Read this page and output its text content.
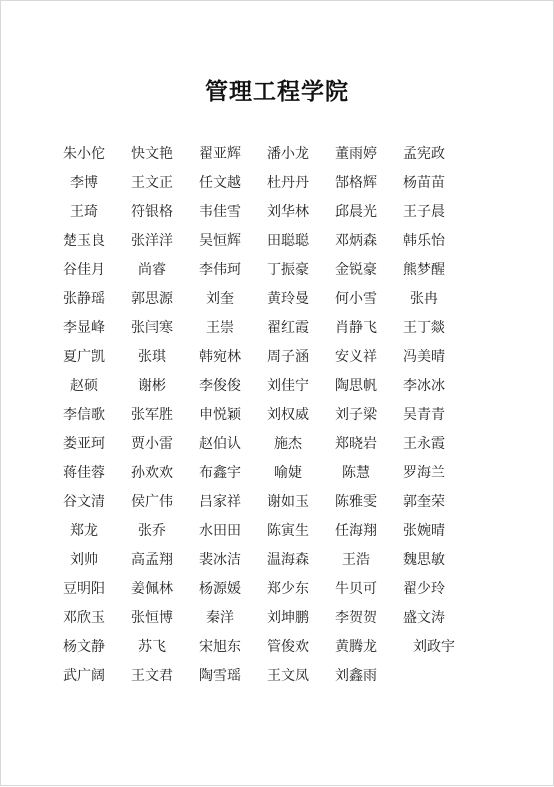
管理工程学院
朱小佗 快文艳 翟亚辉 潘小龙 董雨婷 孟宪政
李博 王文正 任文越 杜丹丹 郜格辉 杨苗苗
王琦 符银格 韦佳雪 刘华林 邱晨光 王子晨
楚玉良 张洋洋 吴恒辉 田聪聪 邓炳森 韩乐怡
谷佳月 尚睿 李伟珂 丁振豪 金锐豪 熊梦醒
张静瑶 郭思源 刘奎 黄玲曼 何小雪 张冉
李显峰 张闫寒 王崇 翟红霞 肖静飞 王丁燚
夏广凯 张琪 韩宛林 周子涵 安义祥 冯美晴
赵硕	谢彬 李俊俊 刘佳宁 陶思帆 李冰冰
李信歌 张军胜 申悦颖 刘权威 刘子梁 吴青青
娄亚珂 贾小雷 赵伯认 施杰 郑晓岩 王永霞
蒋佳蓉 孙欢欢 布鑫宇 喻婕	陈慧 罗海兰
谷文清 侯广伟 吕家祥 谢如玉 陈雅雯 郭奎荣
郑龙	张乔 水田田 陈寅生 任海翔 张婉晴
刘帅 高孟翔 裴冰洁 温海森 王浩 魏思敏
豆明阳 姜佩林 杨源媛 郑少东 牛贝可 翟少玲
邓欣玉 张恒博 秦洋 刘坤鹏 李贺贺 盛文涛
杨文静 苏飞 宋旭东 管俊欢 黄腾龙	刘政宇
武广阔 王文君 陶雪瑶 王文凤 刘鑫雨
